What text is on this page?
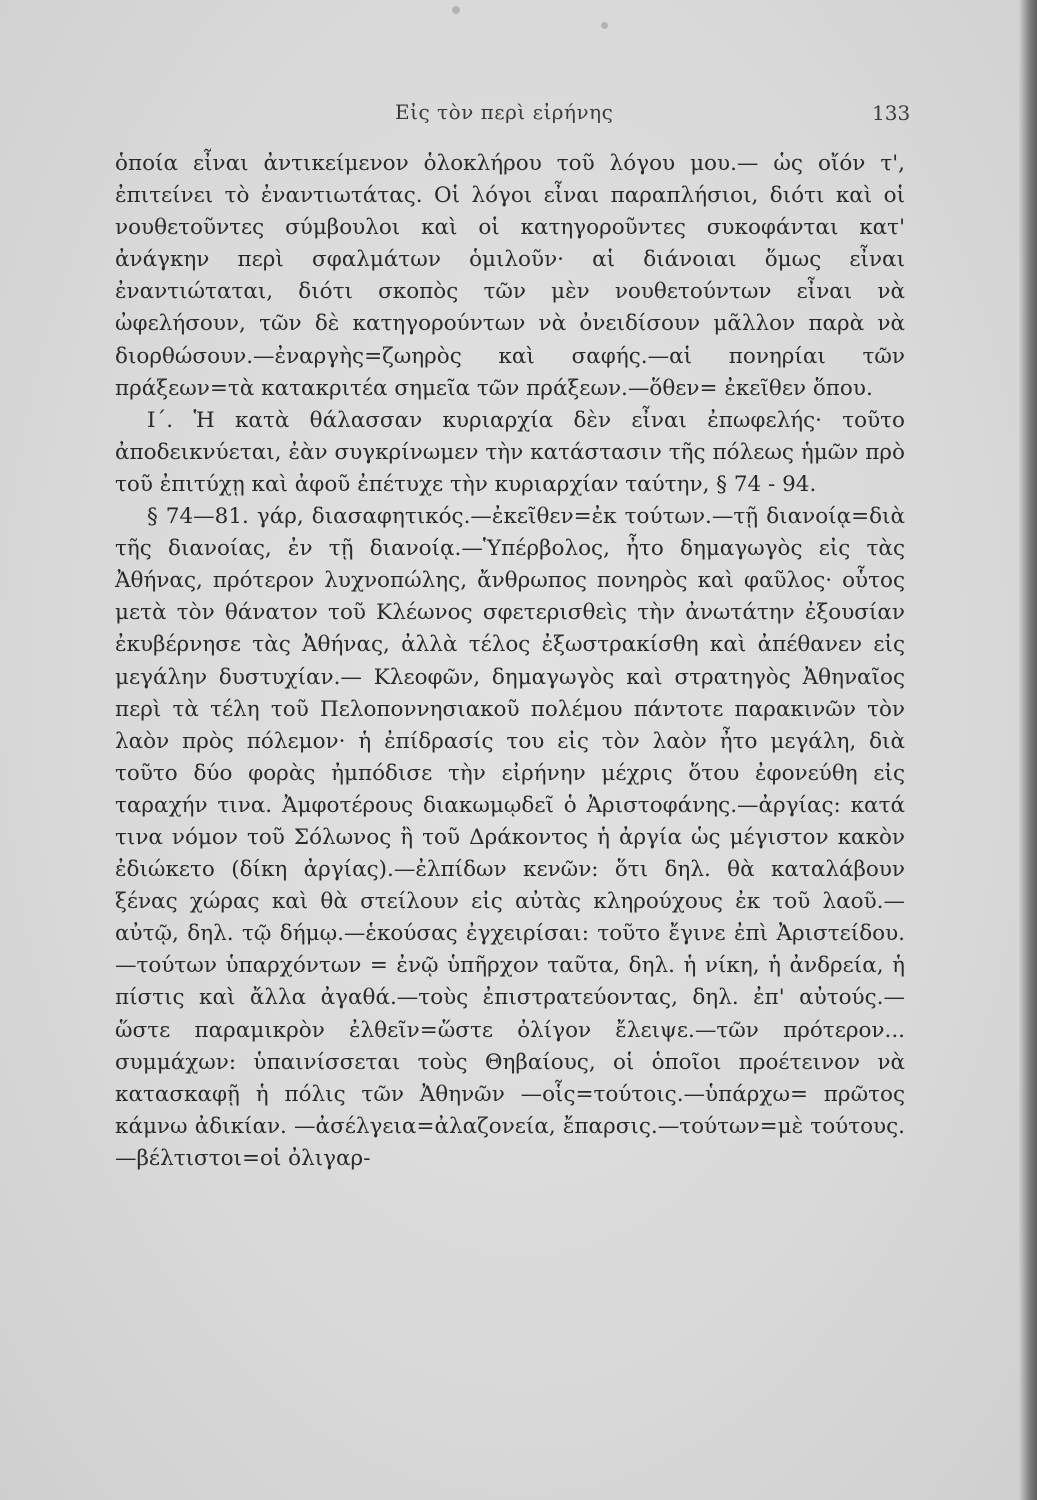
Εἰς τὸν περὶ εἰρήνης	133

ὁποία εἶναι ἀντικείμενον ὁλοκλήρου τοῦ λόγου μου.— ὡς οἴόν τ', ἐπιτείνει τὸ ἐναντιωτάτας. Οἱ λόγοι εἶναι παραπλήσιοι, διότι καὶ οἱ νουθετοῦντες σύμβουλοι καὶ οἱ κατηγοροῦντες συκοφάνται κατ' ἀνάγκην περὶ σφαλμάτων ὁμιλοῦν· αἱ διάνοιαι ὅμως εἶναι ἐναντιώταται, διότι σκοπὸς τῶν μὲν νουθετούντων εἶναι νὰ ὠφελήσουν, τῶν δὲ κατηγορούντων νὰ ὀνειδίσουν μᾶλλον παρὰ νὰ διορθώσουν.—ἐναργὴς=ζωηρὸς καὶ σαφής.—αἱ πονηρίαι τῶν πράξεων=τὰ κατακριτέα σημεῖα τῶν πράξεων.—ὅθεν= ἐκεῖθεν ὅπου.

Ι΄. Ἡ κατὰ θάλασσαν κυριαρχία δὲν εἶναι ἐπωφελής· τοῦτο ἀποδεικνύεται, ἐὰν συγκρίνωμεν τὴν κατάστασιν τῆς πόλεως ἡμῶν πρὸ τοῦ ἐπιτύχῃ καὶ ἀφοῦ ἐπέτυχε τὴν κυριαρχίαν ταύτην, § 74 - 94.

§ 74—81. γάρ, διασαφητικός.—ἐκεῖθεν=ἐκ τούτων.—τῇ διανοίᾳ=διὰ τῆς διανοίας, ἐν τῇ διανοίᾳ.—Ὑπέρβολος, ἦτο δημαγωγὸς εἰς τὰς Ἀθήνας, πρότερον λυχνοπώλης, ἄνθρωπος πονηρὸς καὶ φαῦλος· οὗτος μετὰ τὸν θάνατον τοῦ Κλέωνος σφετερισθεὶς τὴν ἀνωτάτην ἐξουσίαν ἐκυβέρνησε τὰς Ἀθήνας, ἀλλὰ τέλος ἐξωστρακίσθη καὶ ἀπέθανεν εἰς μεγάλην δυστυχίαν.— Κλεοφῶν, δημαγωγὸς καὶ στρατηγὸς Ἀθηναῖος περὶ τὰ τέλη τοῦ Πελοποννησιακοῦ πολέμου πάντοτε παρακινῶν τὸν λαὸν πρὸς πόλεμον· ἡ ἐπίδρασίς του εἰς τὸν λαὸν ἦτο μεγάλη, διὰ τοῦτο δύο φορὰς ἠμπόδισε τὴν εἰρήνην μέχρις ὅτου ἐφονεύθη εἰς ταραχήν τινα. Ἀμφοτέρους διακωμῳδεῖ ὁ Ἀριστοφάνης.—ἀργίας: κατά τινα νόμον τοῦ Σόλωνος ἢ τοῦ Δράκοντος ἡ ἀργία ὡς μέγιστον κακὸν ἐδιώκετο (δίκη ἀργίας).—ἐλπίδων κενῶν: ὅτι δηλ. θὰ καταλάβουν ξένας χώρας καὶ θὰ στείλουν εἰς αὐτὰς κληρούχους ἐκ τοῦ λαοῦ.—αὐτῷ, δηλ. τῷ δήμῳ.—ἑκούσας ἐγχειρίσαι: τοῦτο ἔγινε ἐπὶ Ἀριστείδου.—τούτων ὑπαρχόντων = ἐνῷ ὑπῆρχον ταῦτα, δηλ. ἡ νίκη, ἡ ἀνδρεία, ἡ πίστις καὶ ἄλλα ἀγαθά.—τοὺς ἐπιστρατεύοντας, δηλ. ἐπ' αὐτούς.— ὥστε παραμικρὸν ἐλθεῖν=ὥστε ὀλίγον ἔλειψε.—τῶν πρότερον... συμμάχων: ὑπαινίσσεται τοὺς Θηβαίους, οἱ ὁποῖοι προέτεινον νὰ κατασκαφῇ ἡ πόλις τῶν Ἀθηνῶν —οἷς=τούτοις.—ὑπάρχω= πρῶτος κάμνω ἀδικίαν. —ἀσέλγεια=ἀλαζονεία, ἔπαρσις.—τούτων=μὲ τούτους.—βέλτιστοι=οἱ ὀλιγαρ-
